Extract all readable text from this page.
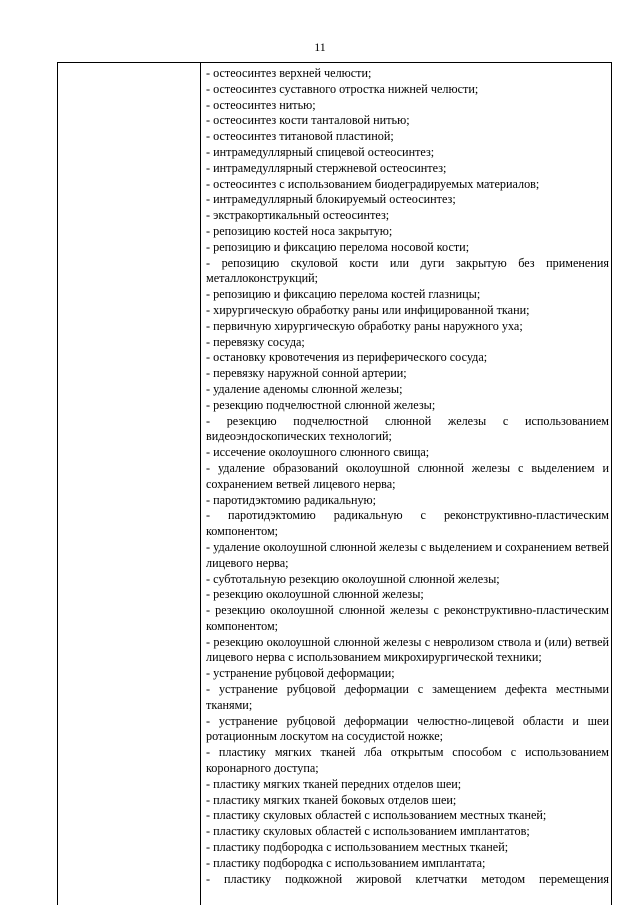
11

- остеосинтез верхней челюсти;

- остеосинтез суставного отростка нижней челюсти;

- остеосинтез нитью;

- остеосинтез кости танталовой нитью;

- остеосинтез титановой пластиной;

- интрамедуллярный спицевой остеосинтез;

- интрамедуллярный стержневой остеосинтез;

- остеосинтез с использованием биодеградируемых материалов;

- интрамедуллярный блокируемый остеосинтез;

- экстракортикальный остеосинтез;

- репозицию костей носа закрытую;

- репозицию и фиксацию перелома носовой кости;

- репозицию скуловой кости или дуги закрытую без применения металлоконструкций;

- репозицию и фиксацию перелома костей глазницы;

- хирургическую обработку раны или инфицированной ткани;

- первичную хирургическую обработку раны наружного уха;

- перевязку сосуда;

- остановку кровотечения из периферического сосуда;

- перевязку наружной сонной артерии;

- удаление аденомы слюнной железы;

- резекцию подчелюстной слюнной железы;

- резекцию подчелюстной слюнной железы с использованием видеоэндоскопических технологий;

- иссечение околоушного слюнного свища;

- удаление образований околоушной слюнной железы с выделением и сохранением ветвей лицевого нерва;

- паротидэктомию радикальную;

- паротидэктомию радикальную с реконструктивно-пластическим компонентом;

- удаление околоушной слюнной железы с выделением и сохранением ветвей лицевого нерва;

- субтотальную резекцию околоушной слюнной железы;

- резекцию околоушной слюнной железы;

- резекцию околоушной слюнной железы с реконструктивно-пластическим компонентом;

- резекцию околоушной слюнной железы с невролизом ствола и (или) ветвей лицевого нерва с использованием микрохирургической техники;

- устранение рубцовой деформации;

- устранение рубцовой деформации с замещением дефекта местными тканями;

- устранение рубцовой деформации челюстно-лицевой области и шеи ротационным лоскутом на сосудистой ножке;

- пластику мягких тканей лба открытым способом с использованием коронарного доступа;

- пластику мягких тканей передних отделов шеи;

- пластику мягких тканей боковых отделов шеи;

- пластику скуловых областей с использованием местных тканей;

- пластику скуловых областей с использованием имплантатов;

- пластику подбородка с использованием местных тканей;

- пластику подбородка с использованием имплантата;

- пластику подкожной жировой клетчатки методом перемещения
